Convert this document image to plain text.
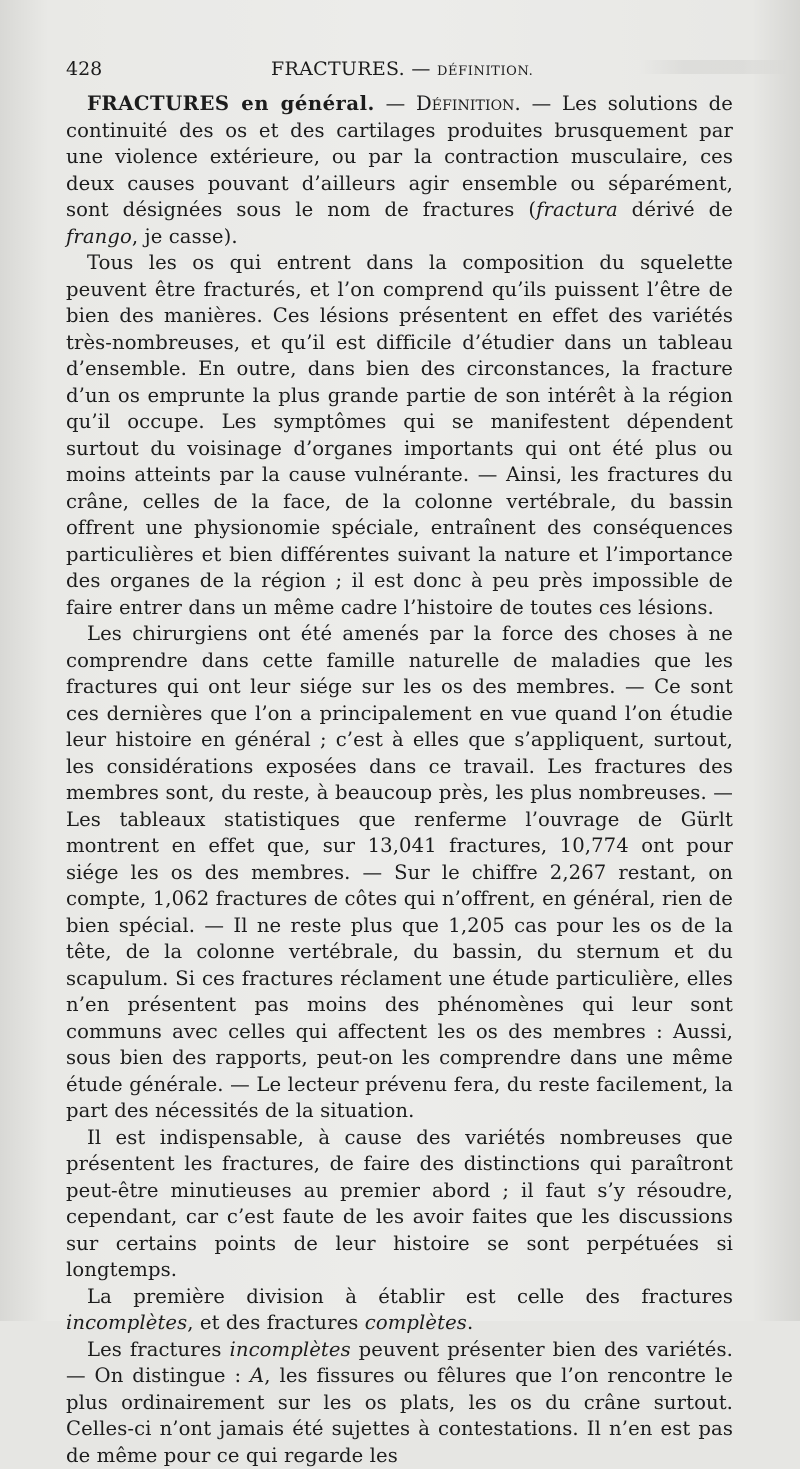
428	FRACTURES. — DÉFINITION.

FRACTURES en général. — Définition. — Les solutions de continuité des os et des cartilages produites brusquement par une violence extérieure, ou par la contraction musculaire, ces deux causes pouvant d’ailleurs agir ensemble ou séparément, sont désignées sous le nom de fractures (fractura dérivé de frango, je casse).

Tous les os qui entrent dans la composition du squelette peuvent être fracturés, et l’on comprend qu’ils puissent l’être de bien des manières. Ces lésions présentent en effet des variétés très-nombreuses, et qu’il est difficile d’étudier dans un tableau d’ensemble. En outre, dans bien des circonstances, la fracture d’un os emprunte la plus grande partie de son intérêt à la région qu’il occupe. Les symptômes qui se manifestent dépendent surtout du voisinage d’organes importants qui ont été plus ou moins atteints par la cause vulnérante. — Ainsi, les fractures du crâne, celles de la face, de la colonne vertébrale, du bassin offrent une physionomie spéciale, entraînent des conséquences particulières et bien différentes suivant la nature et l’importance des organes de la région ; il est donc à peu près impossible de faire entrer dans un même cadre l’histoire de toutes ces lésions.

Les chirurgiens ont été amenés par la force des choses à ne comprendre dans cette famille naturelle de maladies que les fractures qui ont leur siége sur les os des membres. — Ce sont ces dernières que l’on a principalement en vue quand l’on étudie leur histoire en général ; c’est à elles que s’appliquent, surtout, les considérations exposées dans ce travail. Les fractures des membres sont, du reste, à beaucoup près, les plus nombreuses. — Les tableaux statistiques que renferme l’ouvrage de Gürlt montrent en effet que, sur 13,041 fractures, 10,774 ont pour siége les os des membres. — Sur le chiffre 2,267 restant, on compte, 1,062 fractures de côtes qui n’offrent, en général, rien de bien spécial. — Il ne reste plus que 1,205 cas pour les os de la tête, de la colonne vertébrale, du bassin, du sternum et du scapulum. Si ces fractures réclament une étude particulière, elles n’en présentent pas moins des phénomènes qui leur sont communs avec celles qui affectent les os des membres : Aussi, sous bien des rapports, peut-on les comprendre dans une même étude générale. — Le lecteur prévenu fera, du reste facilement, la part des nécessités de la situation.

Il est indispensable, à cause des variétés nombreuses que présentent les fractures, de faire des distinctions qui paraîtront peut-être minutieuses au premier abord ; il faut s’y résoudre, cependant, car c’est faute de les avoir faites que les discussions sur certains points de leur histoire se sont perpétuées si longtemps.

La première division à établir est celle des fractures incomplètes, et des fractures complètes.

Les fractures incomplètes peuvent présenter bien des variétés. — On distingue : A, les fissures ou fêlures que l’on rencontre le plus ordinairement sur les os plats, les os du crâne surtout. Celles-ci n’ont jamais été sujettes à contestations. Il n’en est pas de même pour ce qui regarde les
